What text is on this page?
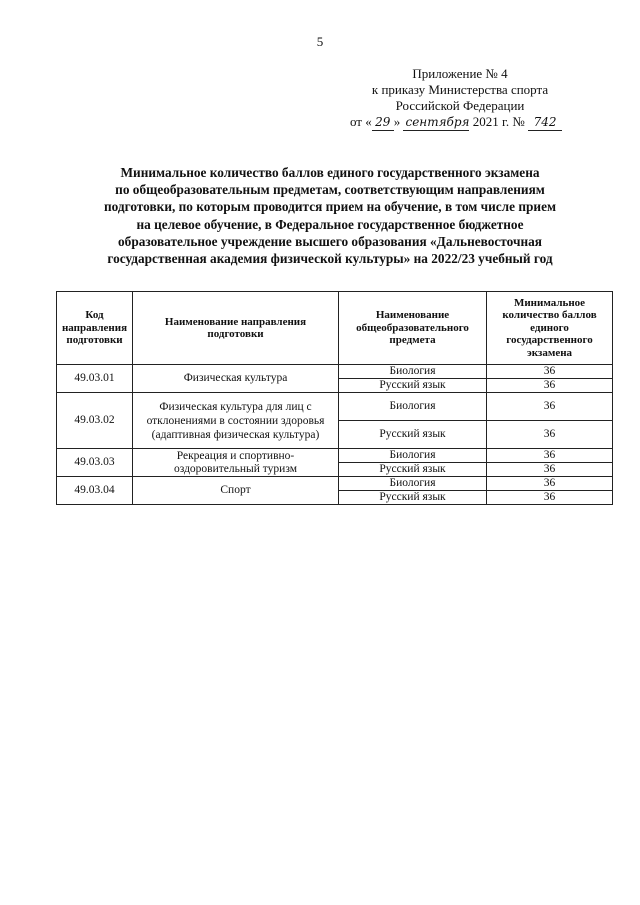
5
Приложение № 4
к приказу Министерства спорта
Российской Федерации
от « 29 » сентября 2021 г. № 742
Минимальное количество баллов единого государственного экзамена
по общеобразовательным предметам, соответствующим направлениям
подготовки, по которым проводится прием на обучение, в том числе прием
на целевое обучение, в Федеральное государственное бюджетное
образовательное учреждение высшего образования «Дальневосточная
государственная академия физической культуры» на 2022/23 учебный год
Код направления подготовки	Наименование направления подготовки	Наименование общеобразовательного предмета	Минимальное количество баллов единого государственного экзамена
49.03.01	Физическая культура	Биология	36
		Русский язык	36
49.03.02	Физическая культура для лиц с отклонениями в состоянии здоровья (адаптивная физическая культура)	Биология	36
		Русский язык	36
49.03.03	Рекреация и спортивно-оздоровительный туризм	Биология	36
		Русский язык	36
49.03.04	Спорт	Биология	36
		Русский язык	36
